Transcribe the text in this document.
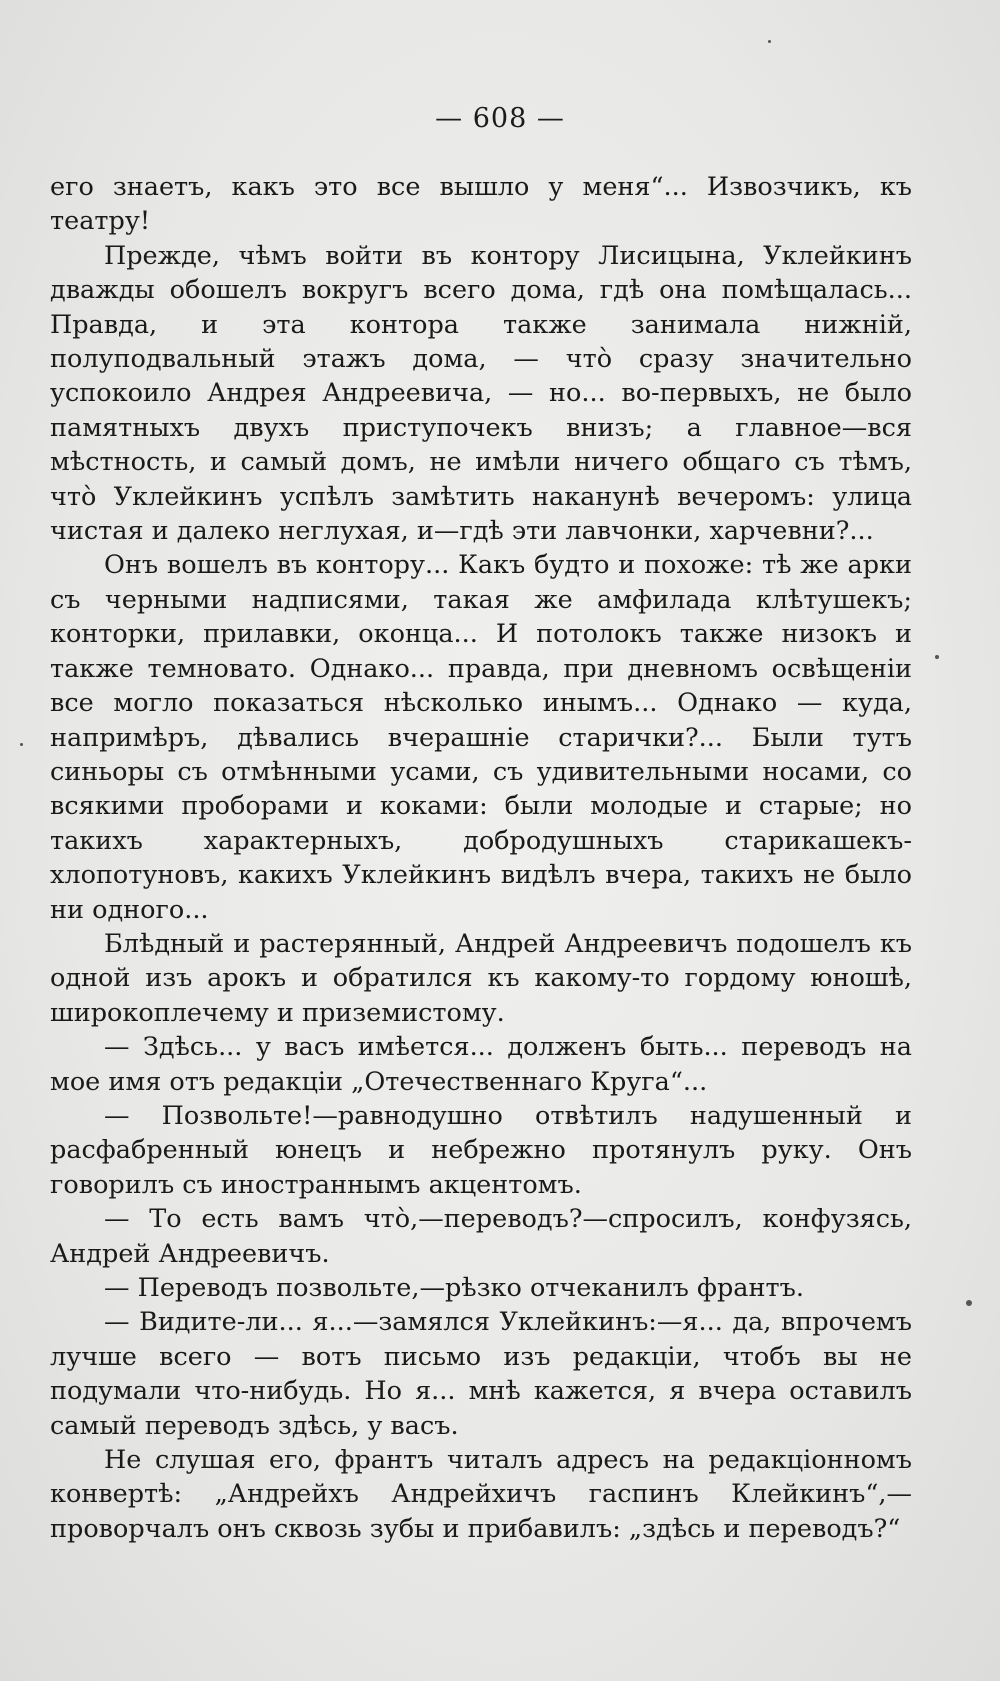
— 608 —

его знаетъ, какъ это все вышло у меня“... Извозчикъ, къ театру!

Прежде, чѣмъ войти въ контору Лисицына, Уклейкинъ дважды обошелъ вокругъ всего дома, гдѣ она помѣщалась... Правда, и эта контора также занимала нижній, полуподвальный этажъ дома, — что̀ сразу значительно успокоило Андрея Андреевича, — но... во-первыхъ, не было памятныхъ двухъ приступочекъ внизъ; а главное—вся мѣстность, и самый домъ, не имѣли ничего общаго съ тѣмъ, что̀ Уклейкинъ успѣлъ замѣтить наканунѣ вечеромъ: улица чистая и далеко неглухая, и—гдѣ эти лавчонки, харчевни?...

Онъ вошелъ въ контору... Какъ будто и похоже: тѣ же арки съ черными надписями, такая же амфилада клѣтушекъ; конторки, прилавки, оконца... И потолокъ также низокъ и также темновато. Однако... правда, при дневномъ освѣщеніи все могло показаться нѣсколько инымъ... Однако — куда, напримѣръ, дѣвались вчерашніе старички?... Были тутъ синьоры съ отмѣнными усами, съ удивительными носами, со всякими проборами и коками: были молодые и старые; но такихъ характерныхъ, добродушныхъ старикашекъ-хлопотуновъ, какихъ Уклейкинъ видѣлъ вчера, такихъ не было ни одного...

Блѣдный и растерянный, Андрей Андреевичъ подошелъ къ одной изъ арокъ и обратился къ какому-то гордому юношѣ, широкоплечему и приземистому.

— Здѣсь... у васъ имѣется... долженъ быть... переводъ на мое имя отъ редакціи „Отечественнаго Круга“...

— Позвольте!—равнодушно отвѣтилъ надушенный и расфабренный юнецъ и небрежно протянулъ руку. Онъ говорилъ съ иностраннымъ акцентомъ.

— То есть вамъ что̀,—переводъ?—спросилъ, конфузясь, Андрей Андреевичъ.

— Переводъ позвольте,—рѣзко отчеканилъ франтъ.

— Видите-ли... я...—замялся Уклейкинъ:—я... да, впрочемъ лучше всего — вотъ письмо изъ редакціи, чтобъ вы не подумали что-нибудь. Но я... мнѣ кажется, я вчера оставилъ самый переводъ здѣсь, у васъ.

Не слушая его, франтъ читалъ адресъ на редакціонномъ конвертѣ: „Андрейхъ Андрейхичъ гаспинъ Клейкинъ“,—проворчалъ онъ сквозь зубы и прибавилъ: „здѣсь и переводъ?“
